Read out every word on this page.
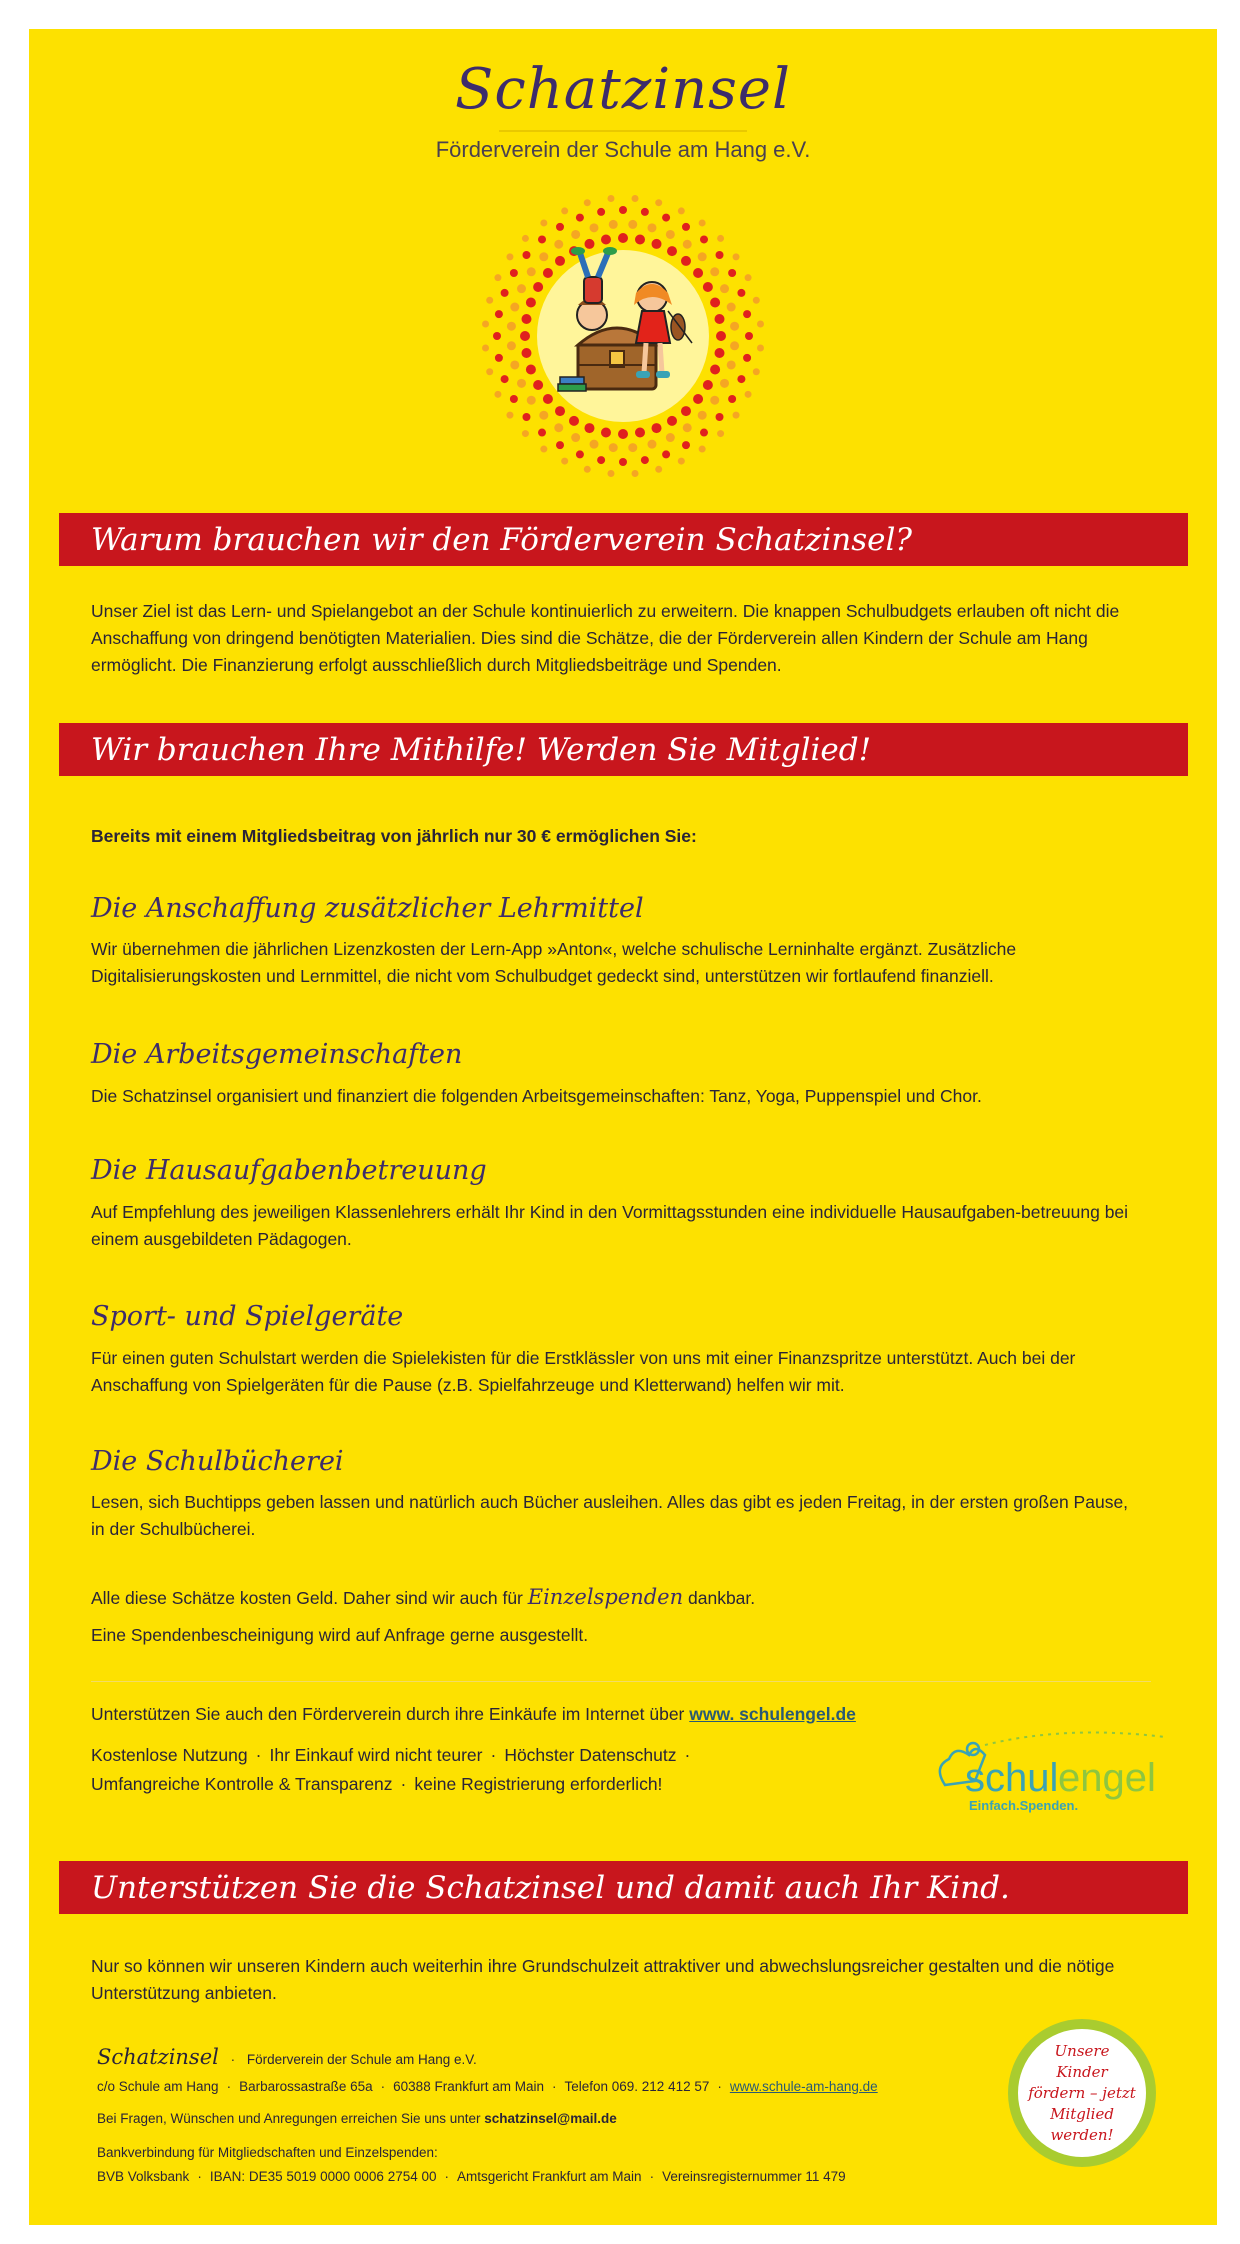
Schatzinsel
Förderverein der Schule am Hang e.V.
Warum brauchen wir den Förderverein Schatzinsel?
Unser Ziel ist das Lern- und Spielangebot an der Schule kontinuierlich zu erweitern. Die knappen Schulbudgets erlauben oft nicht die Anschaffung von dringend benötigten Materialien. Dies sind die Schätze, die der Förderverein allen Kindern der Schule am Hang ermöglicht. Die Finanzierung erfolgt ausschließlich durch Mitgliedsbeiträge und Spenden.
Wir brauchen Ihre Mithilfe! Werden Sie Mitglied!
Bereits mit einem Mitgliedsbeitrag von jährlich nur 30 € ermöglichen Sie:
Die Anschaffung zusätzlicher Lehrmittel
Wir übernehmen die jährlichen Lizenzkosten der Lern-App »Anton«, welche schulische Lerninhalte ergänzt. Zusätzliche Digitalisierungskosten und Lernmittel, die nicht vom Schulbudget gedeckt sind, unterstützen wir fortlaufend finanziell.
Die Arbeitsgemeinschaften
Die Schatzinsel organisiert und finanziert die folgenden Arbeitsgemeinschaften: Tanz, Yoga, Puppenspiel und Chor.
Die Hausaufgabenbetreuung
Auf Empfehlung des jeweiligen Klassenlehrers erhält Ihr Kind in den Vormittagsstunden eine individuelle Hausaufgaben-betreuung bei einem ausgebildeten Pädagogen.
Sport- und Spielgeräte
Für einen guten Schulstart werden die Spielekisten für die Erstklässler von uns mit einer Finanzspritze unterstützt. Auch bei der Anschaffung von Spielgeräten für die Pause (z.B. Spielfahrzeuge und Kletterwand) helfen wir mit.
Die Schulbücherei
Lesen, sich Buchtipps geben lassen und natürlich auch Bücher ausleihen. Alles das gibt es jeden Freitag, in der ersten großen Pause, in der Schulbücherei.
Alle diese Schätze kosten Geld. Daher sind wir auch für Einzelspenden dankbar.
Eine Spendenbescheinigung wird auf Anfrage gerne ausgestellt.
Unterstützen Sie auch den Förderverein durch ihre Einkäufe im Internet über www. schulengel.de
Kostenlose Nutzung · Ihr Einkauf wird nicht teurer · Höchster Datenschutz ·
Umfangreiche Kontrolle & Transparenz · keine Registrierung erforderlich!	schul engel
Einfach.Spenden.
Unterstützen Sie die Schatzinsel und damit auch Ihr Kind.
Nur so können wir unseren Kindern auch weiterhin ihre Grundschulzeit attraktiver und abwechslungsreicher gestalten und die nötige Unterstützung anbieten.
Schatzinsel · Förderverein der Schule am Hang e.V.
c/o Schule am Hang · Barbarossastraße 65a · 60388 Frankfurt am Main · Telefon 069. 212 412 57 · www.schule-am-hang.de
Bei Fragen, Wünschen und Anregungen erreichen Sie uns unter schatzinsel@mail.de
Bankverbindung für Mitgliedschaften und Einzelspenden:
BVB Volksbank · IBAN: DE35 5019 0000 0006 2754 00 · Amtsgericht Frankfurt am Main · Vereinsregisternummer 11 479
Unsere Kinder fördern – jetzt Mitglied werden!
